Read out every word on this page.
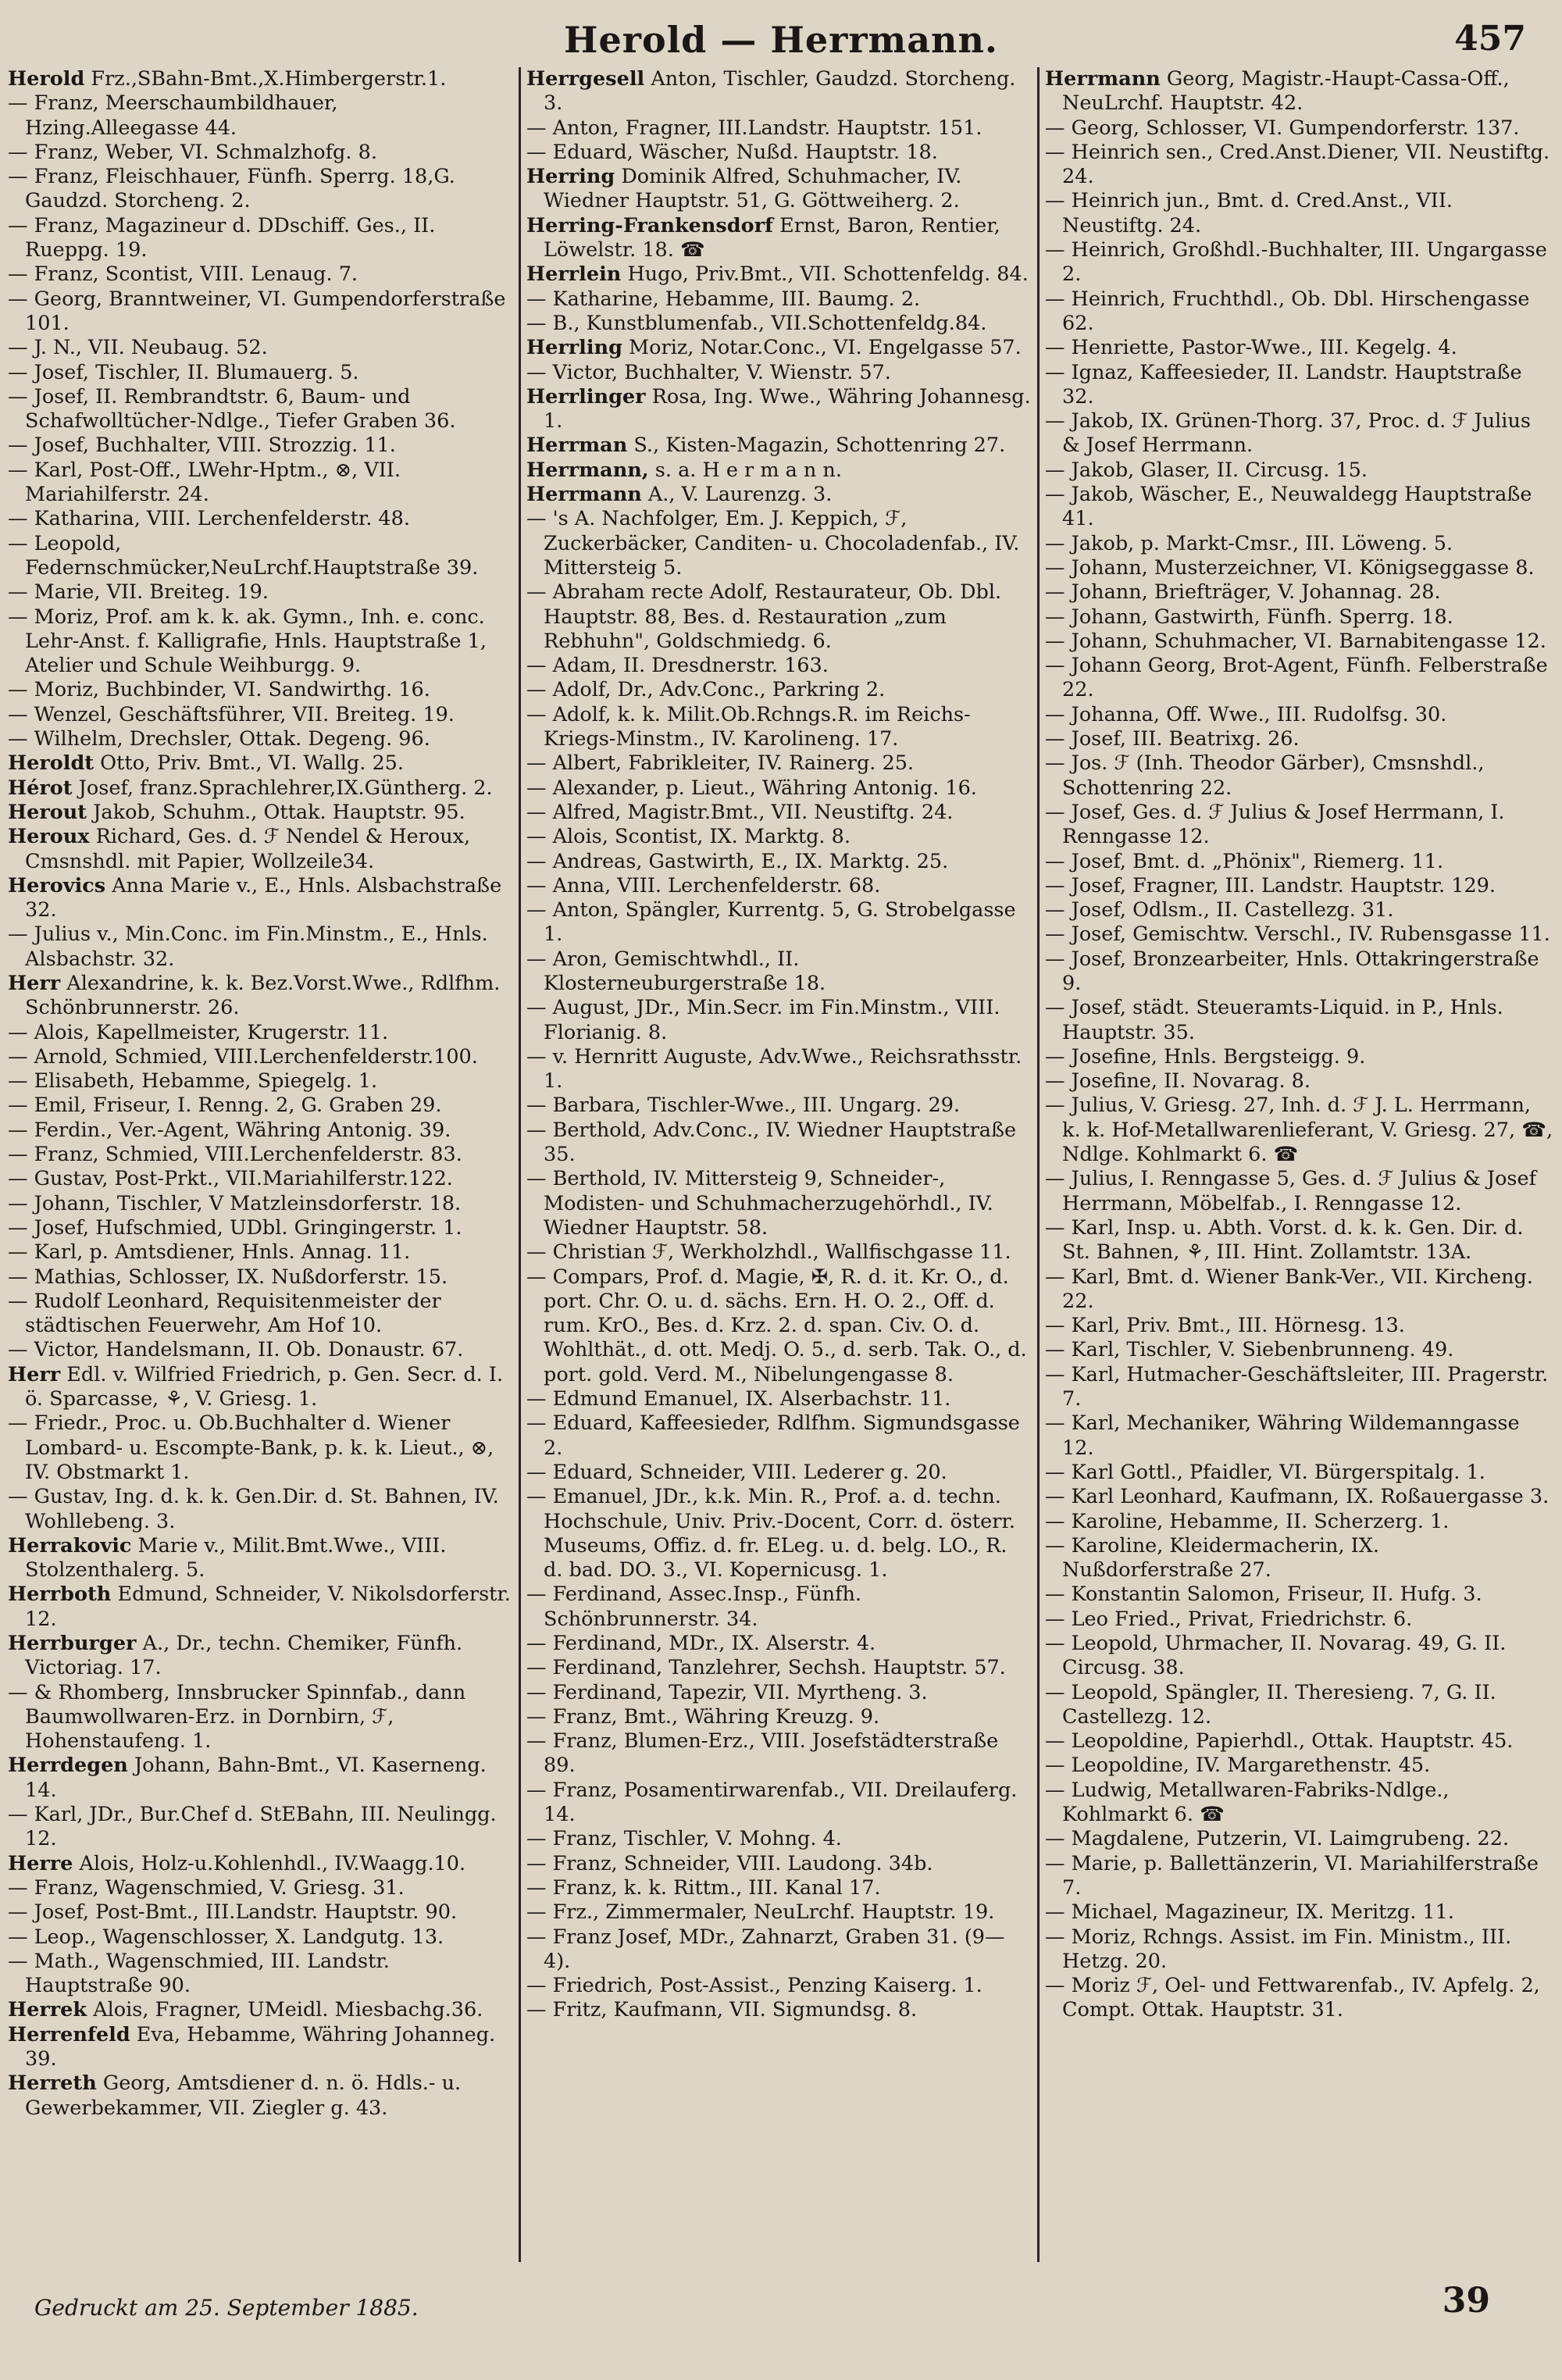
Herold — Herrmann.	457
Herold Frz.,SBahn-Bmt.,X.Himbergerstr.1.
— Franz, Meerschaumbildhauer, Hzing.Alleegasse 44.
— Franz, Weber, VI. Schmalzhofg. 8.
— Franz, Fleischhauer, Fünfh. Sperrg. 18,G. Gaudzd. Storcheng. 2.
— Franz, Magazineur d. DDschiff. Ges., II. Rueppg. 19.
— Franz, Scontist, VIII. Lenaug. 7.
— Georg, Branntweiner, VI. Gumpendorferstraße 101.
— J. N., VII. Neubaug. 52.
— Josef, Tischler, II. Blumauerg. 5.
— Josef, II. Rembrandtstr. 6, Baum- und Schafwolltücher-Ndlge., Tiefer Graben 36.
— Josef, Buchhalter, VIII. Strozzig. 11.
— Karl, Post-Off., LWehr-Hptm., ⊗, VII. Mariahilferstr. 24.
— Katharina, VIII. Lerchenfelderstr. 48.
— Leopold, Federnschmücker,NeuLrchf.Hauptstraße 39.
— Marie, VII. Breiteg. 19.
— Moriz, Prof. am k. k. ak. Gymn., Inh. e. conc. Lehr-Anst. f. Kalligrafie, Hnls. Hauptstraße 1, Atelier und Schule Weihburgg. 9.
— Moriz, Buchbinder, VI. Sandwirthg. 16.
— Wenzel, Geschäftsführer, VII. Breiteg. 19.
— Wilhelm, Drechsler, Ottak. Degeng. 96.
Heroldt Otto, Priv. Bmt., VI. Wallg. 25.
Hérot Josef, franz.Sprachlehrer,IX.Güntherg. 2.
Herout Jakob, Schuhm., Ottak. Hauptstr. 95.
Heroux Richard, Ges. d. ℱ Nendel & Heroux, Cmsnshdl. mit Papier, Wollzeile34.
Herovics Anna Marie v., E., Hnls. Alsbachstraße 32.
— Julius v., Min.Conc. im Fin.Minstm., E., Hnls. Alsbachstr. 32.
Herr Alexandrine, k. k. Bez.Vorst.Wwe., Rdlfhm. Schönbrunnerstr. 26.
— Alois, Kapellmeister, Krugerstr. 11.
— Arnold, Schmied, VIII.Lerchenfelderstr.100.
— Elisabeth, Hebamme, Spiegelg. 1.
— Emil, Friseur, I. Renng. 2, G. Graben 29.
— Ferdin., Ver.-Agent, Währing Antonig. 39.
— Franz, Schmied, VIII.Lerchenfelderstr. 83.
— Gustav, Post-Prkt., VII.Mariahilferstr.122.
— Johann, Tischler, V Matzleinsdorferstr. 18.
— Josef, Hufschmied, UDbl. Gringingerstr. 1.
— Karl, p. Amtsdiener, Hnls. Annag. 11.
— Mathias, Schlosser, IX. Nußdorferstr. 15.
— Rudolf Leonhard, Requisitenmeister der städtischen Feuerwehr, Am Hof 10.
— Victor, Handelsmann, II. Ob. Donaustr. 67.
Herr Edl. v. Wilfried Friedrich, p. Gen. Secr. d. I. ö. Sparcasse, ⚘, V. Griesg. 1.
— Friedr., Proc. u. Ob.Buchhalter d. Wiener Lombard- u. Escompte-Bank, p. k. k. Lieut., ⊗, IV. Obstmarkt 1.
— Gustav, Ing. d. k. k. Gen.Dir. d. St. Bahnen, IV. Wohllebeng. 3.
Herrakovic Marie v., Milit.Bmt.Wwe., VIII. Stolzenthalerg. 5.
Herrboth Edmund, Schneider, V. Nikolsdorferstr. 12.
Herrburger A., Dr., techn. Chemiker, Fünfh. Victoriag. 17.
— & Rhomberg, Innsbrucker Spinnfab., dann Baumwollwaren-Erz. in Dornbirn, ℱ, Hohenstaufeng. 1.
Herrdegen Johann, Bahn-Bmt., VI. Kaserneng. 14.
— Karl, JDr., Bur.Chef d. StEBahn, III. Neulingg. 12.
Herre Alois, Holz-u.Kohlenhdl., IV.Waagg.10.
— Franz, Wagenschmied, V. Griesg. 31.
— Josef, Post-Bmt., III.Landstr. Hauptstr. 90.
— Leop., Wagenschlosser, X. Landgutg. 13.
— Math., Wagenschmied, III. Landstr. Hauptstraße 90.
Herrek Alois, Fragner, UMeidl. Miesbachg.36.
Herrenfeld Eva, Hebamme, Währing Johanneg. 39.
Herreth Georg, Amtsdiener d. n. ö. Hdls.- u. Gewerbekammer, VII. Ziegler g. 43.
Herrgesell Anton, Tischler, Gaudzd. Storcheng. 3.
— Anton, Fragner, III.Landstr. Hauptstr. 151.
— Eduard, Wäscher, Nußd. Hauptstr. 18.
Herring Dominik Alfred, Schuhmacher, IV. Wiedner Hauptstr. 51, G. Göttweiherg. 2.
Herring-Frankensdorf Ernst, Baron, Rentier, Löwelstr. 18. ☎
Herrlein Hugo, Priv.Bmt., VII. Schottenfeldg. 84.
— Katharine, Hebamme, III. Baumg. 2.
— B., Kunstblumenfab., VII.Schottenfeldg.84.
Herrling Moriz, Notar.Conc., VI. Engelgasse 57.
— Victor, Buchhalter, V. Wienstr. 57.
Herrlinger Rosa, Ing. Wwe., Währing Johannesg. 1.
Herrman S., Kisten-Magazin, Schottenring 27.
Herrmann, s. a. H e r m a n n.
Herrmann A., V. Laurenzg. 3.
— 's A. Nachfolger, Em. J. Keppich, ℱ, Zuckerbäcker, Canditen- u. Chocoladenfab., IV. Mittersteig 5.
— Abraham recte Adolf, Restaurateur, Ob. Dbl. Hauptstr. 88, Bes. d. Restauration „zum Rebhuhn", Goldschmiedg. 6.
— Adam, II. Dresdnerstr. 163.
— Adolf, Dr., Adv.Conc., Parkring 2.
— Adolf, k. k. Milit.Ob.Rchngs.R. im Reichs-Kriegs-Minstm., IV. Karolineng. 17.
— Albert, Fabrikleiter, IV. Rainerg. 25.
— Alexander, p. Lieut., Währing Antonig. 16.
— Alfred, Magistr.Bmt., VII. Neustiftg. 24.
— Alois, Scontist, IX. Marktg. 8.
— Andreas, Gastwirth, E., IX. Marktg. 25.
— Anna, VIII. Lerchenfelderstr. 68.
— Anton, Spängler, Kurrentg. 5, G. Strobelgasse 1.
— Aron, Gemischtwhdl., II. Klosterneuburgerstraße 18.
— August, JDr., Min.Secr. im Fin.Minstm., VIII. Florianig. 8.
— v. Hernritt Auguste, Adv.Wwe., Reichsrathsstr. 1.
— Barbara, Tischler-Wwe., III. Ungarg. 29.
— Berthold, Adv.Conc., IV. Wiedner Hauptstraße 35.
— Berthold, IV. Mittersteig 9, Schneider-, Modisten- und Schuhmacherzugehörhdl., IV. Wiedner Hauptstr. 58.
— Christian ℱ, Werkholzhdl., Wallfischgasse 11.
— Compars, Prof. d. Magie, ✠, R. d. it. Kr. O., d. port. Chr. O. u. d. sächs. Ern. H. O. 2., Off. d. rum. KrO., Bes. d. Krz. 2. d. span. Civ. O. d. Wohlthät., d. ott. Medj. O. 5., d. serb. Tak. O., d. port. gold. Verd. M., Nibelungengasse 8.
— Edmund Emanuel, IX. Alserbachstr. 11.
— Eduard, Kaffeesieder, Rdlfhm. Sigmundsgasse 2.
— Eduard, Schneider, VIII. Lederer g. 20.
— Emanuel, JDr., k.k. Min. R., Prof. a. d. techn. Hochschule, Univ. Priv.-Docent, Corr. d. österr. Museums, Offiz. d. fr. ELeg. u. d. belg. LO., R. d. bad. DO. 3., VI. Kopernicusg. 1.
— Ferdinand, Assec.Insp., Fünfh. Schönbrunnerstr. 34.
— Ferdinand, MDr., IX. Alserstr. 4.
— Ferdinand, Tanzlehrer, Sechsh. Hauptstr. 57.
— Ferdinand, Tapezir, VII. Myrtheng. 3.
— Franz, Bmt., Währing Kreuzg. 9.
— Franz, Blumen-Erz., VIII. Josefstädterstraße 89.
— Franz, Posamentirwarenfab., VII. Dreilauferg. 14.
— Franz, Tischler, V. Mohng. 4.
— Franz, Schneider, VIII. Laudong. 34b.
— Franz, k. k. Rittm., III. Kanal 17.
— Frz., Zimmermaler, NeuLrchf. Hauptstr. 19.
— Franz Josef, MDr., Zahnarzt, Graben 31. (9—4).
— Friedrich, Post-Assist., Penzing Kaiserg. 1.
— Fritz, Kaufmann, VII. Sigmundsg. 8.
Herrmann Georg, Magistr.-Haupt-Cassa-Off., NeuLrchf. Hauptstr. 42.
— Georg, Schlosser, VI. Gumpendorferstr. 137.
— Heinrich sen., Cred.Anst.Diener, VII. Neustiftg. 24.
— Heinrich jun., Bmt. d. Cred.Anst., VII. Neustiftg. 24.
— Heinrich, Großhdl.-Buchhalter, III. Ungargasse 2.
— Heinrich, Fruchthdl., Ob. Dbl. Hirschengasse 62.
— Henriette, Pastor-Wwe., III. Kegelg. 4.
— Ignaz, Kaffeesieder, II. Landstr. Hauptstraße 32.
— Jakob, IX. Grünen-Thorg. 37, Proc. d. ℱ Julius & Josef Herrmann.
— Jakob, Glaser, II. Circusg. 15.
— Jakob, Wäscher, E., Neuwaldegg Hauptstraße 41.
— Jakob, p. Markt-Cmsr., III. Löweng. 5.
— Johann, Musterzeichner, VI. Königseggasse 8.
— Johann, Briefträger, V. Johannag. 28.
— Johann, Gastwirth, Fünfh. Sperrg. 18.
— Johann, Schuhmacher, VI. Barnabitengasse 12.
— Johann Georg, Brot-Agent, Fünfh. Felberstraße 22.
— Johanna, Off. Wwe., III. Rudolfsg. 30.
— Josef, III. Beatrixg. 26.
— Jos. ℱ (Inh. Theodor Gärber), Cmsnshdl., Schottenring 22.
— Josef, Ges. d. ℱ Julius & Josef Herrmann, I. Renngasse 12.
— Josef, Bmt. d. „Phönix", Riemerg. 11.
— Josef, Fragner, III. Landstr. Hauptstr. 129.
— Josef, Odlsm., II. Castellezg. 31.
— Josef, Gemischtw. Verschl., IV. Rubensgasse 11.
— Josef, Bronzearbeiter, Hnls. Ottakringerstraße 9.
— Josef, städt. Steueramts-Liquid. in P., Hnls. Hauptstr. 35.
— Josefine, Hnls. Bergsteigg. 9.
— Josefine, II. Novarag. 8.
— Julius, V. Griesg. 27, Inh. d. ℱ J. L. Herrmann, k. k. Hof-Metallwarenlieferant, V. Griesg. 27, ☎, Ndlge. Kohlmarkt 6. ☎
— Julius, I. Renngasse 5, Ges. d. ℱ Julius & Josef Herrmann, Möbelfab., I. Renngasse 12.
— Karl, Insp. u. Abth. Vorst. d. k. k. Gen. Dir. d. St. Bahnen, ⚘, III. Hint. Zollamtstr. 13A.
— Karl, Bmt. d. Wiener Bank-Ver., VII. Kircheng. 22.
— Karl, Priv. Bmt., III. Hörnesg. 13.
— Karl, Tischler, V. Siebenbrunneng. 49.
— Karl, Hutmacher-Geschäftsleiter, III. Pragerstr. 7.
— Karl, Mechaniker, Währing Wildemanngasse 12.
— Karl Gottl., Pfaidler, VI. Bürgerspitalg. 1.
— Karl Leonhard, Kaufmann, IX. Roßauergasse 3.
— Karoline, Hebamme, II. Scherzerg. 1.
— Karoline, Kleidermacherin, IX. Nußdorferstraße 27.
— Konstantin Salomon, Friseur, II. Hufg. 3.
— Leo Fried., Privat, Friedrichstr. 6.
— Leopold, Uhrmacher, II. Novarag. 49, G. II. Circusg. 38.
— Leopold, Spängler, II. Theresieng. 7, G. II. Castellezg. 12.
— Leopoldine, Papierhdl., Ottak. Hauptstr. 45.
— Leopoldine, IV. Margarethenstr. 45.
— Ludwig, Metallwaren-Fabriks-Ndlge., Kohlmarkt 6. ☎
— Magdalene, Putzerin, VI. Laimgrubeng. 22.
— Marie, p. Ballettänzerin, VI. Mariahilferstraße 7.
— Michael, Magazineur, IX. Meritzg. 11.
— Moriz, Rchngs. Assist. im Fin. Ministm., III. Hetzg. 20.
— Moriz ℱ, Oel- und Fettwarenfab., IV. Apfelg. 2, Compt. Ottak. Hauptstr. 31.
Gedruckt am 25. September 1885.	39
